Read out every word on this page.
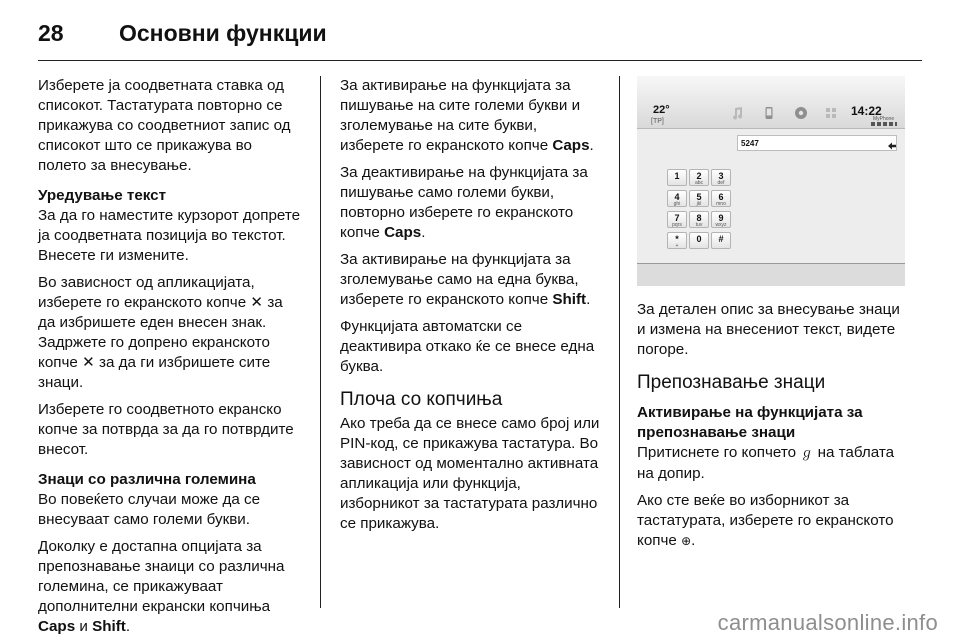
28 Основни функции

Изберете ја соодветната ставка од списокот. Тастатурата повторно се прикажува со соодветниот запис од списокот што се прикажува во полето за внесување.

Уредување текст

За да го наместите курзорот допрете ја соодветната позиција во текстот. Внесете ги измените.

Во зависност од апликацијата, изберете го екранското копче ✕ за да избришете еден внесен знак. Задржете го допрено екранското копче ✕ за да ги избришете сите знаци.

Изберете го соодветното екранско копче за потврда за да го потврдите внесот.

Знаци со различна големина

Во повеќето случаи може да се внесуваат само големи букви.

Доколку е достапна опцијата за препознавање знаици со различна големина, се прикажуваат дополнителни екрански копчиња Caps и Shift.

За активирање на функцијата за пишување на сите големи букви и зголемување на сите букви, изберете го екранското копче Caps.

За деактивирање на функцијата за пишување само големи букви, повторно изберете го екранското копче Caps.

За активирање на функцијата за зголемување само на една буква, изберете го екранското копче Shift.

Функцијата автоматски се деактивира откако ќе се внесе една буква.

Плоча со копчиња

Ако треба да се внесе само број или PIN-код, се прикажува тастатура. Во зависност од моментално активната апликација или функција, изборникот за тастатурата различно се прикажува.

22°
[TP]
14:22
MyPhone
5247
1	2
abc
3
def
4
ghi
5
jkl
6
mno
7
pqrs
8
tuv
9
wxyz
*
+
0	#

За детален опис за внесување знаци и измена на внесениот текст, видете погоре.

Препознавање знаци

Активирање на функцијата за препознавање знаци

Притиснете го копчето ℊ на таблата на допир.

Ако сте веќе во изборникот за тастатурата, изберете го екранското копче ⊕.

carmanualsonline.info
